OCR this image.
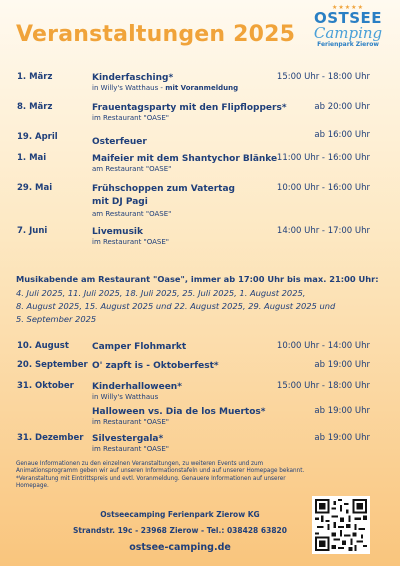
Veranstaltungen 2025
★★★★★
OSTSEE
Camping
Ferienpark Zierow
1. März	Kinderfasching*	15:00 Uhr - 18:00 Uhr
in Willy's Watthaus - mit Voranmeldung
8. März	Frauentagsparty mit den Flipfloppers*	ab 20:00 Uhr
im Restaurant "OASE"
19. April	Osterfeuer
ab 16:00 Uhr
1. Mai	Maifeier mit dem Shantychor Blänke 11:00 Uhr - 16:00 Uhr
am Restaurant "OASE"
29. Mai	Frühschoppen zum Vatertag
mit DJ Pagi
10:00 Uhr - 16:00 Uhr
am Restaurant "OASE"
7. Juni	Livemusik	14:00 Uhr - 17:00 Uhr
im Restaurant "OASE"
Musikabende am Restaurant "Oase", immer ab 17:00 Uhr bis max. 21:00 Uhr:
4. Juli 2025, 11. Juli 2025, 18. Juli 2025, 25. Juli 2025, 1. August 2025,
8. August 2025, 15. August 2025 und 22. August 2025, 29. August 2025 und
5. September 2025
10. August	Camper Flohmarkt	10:00 Uhr - 14:00 Uhr
20. September O' zapft is - Oktoberfest*	ab 19:00 Uhr
31. Oktober Kinderhalloween*	15:00 Uhr - 18:00 Uhr
in Willy's Watthaus
Halloween vs. Dia de los Muertos*	ab 19:00 Uhr
im Restaurant "OASE"
31. Dezember Silvestergala*	ab 19:00 Uhr
im Restaurant "OASE"
Genaue Informationen zu den einzelnen Veranstaltungen, zu weiteren Events und zum
Animationsprogramm geben wir auf unseren Informationstafeln und auf unserer Homepage bekannt.
*Veranstaltung mit Eintrittspreis und evtl. Voranmeldung. Genauere Informationen auf unserer
Homepage.
Ostseecamping Ferienpark Zierow KG
Strandstr. 19c - 23968 Zierow - Tel.: 038428 63820
ostsee-camping.de
